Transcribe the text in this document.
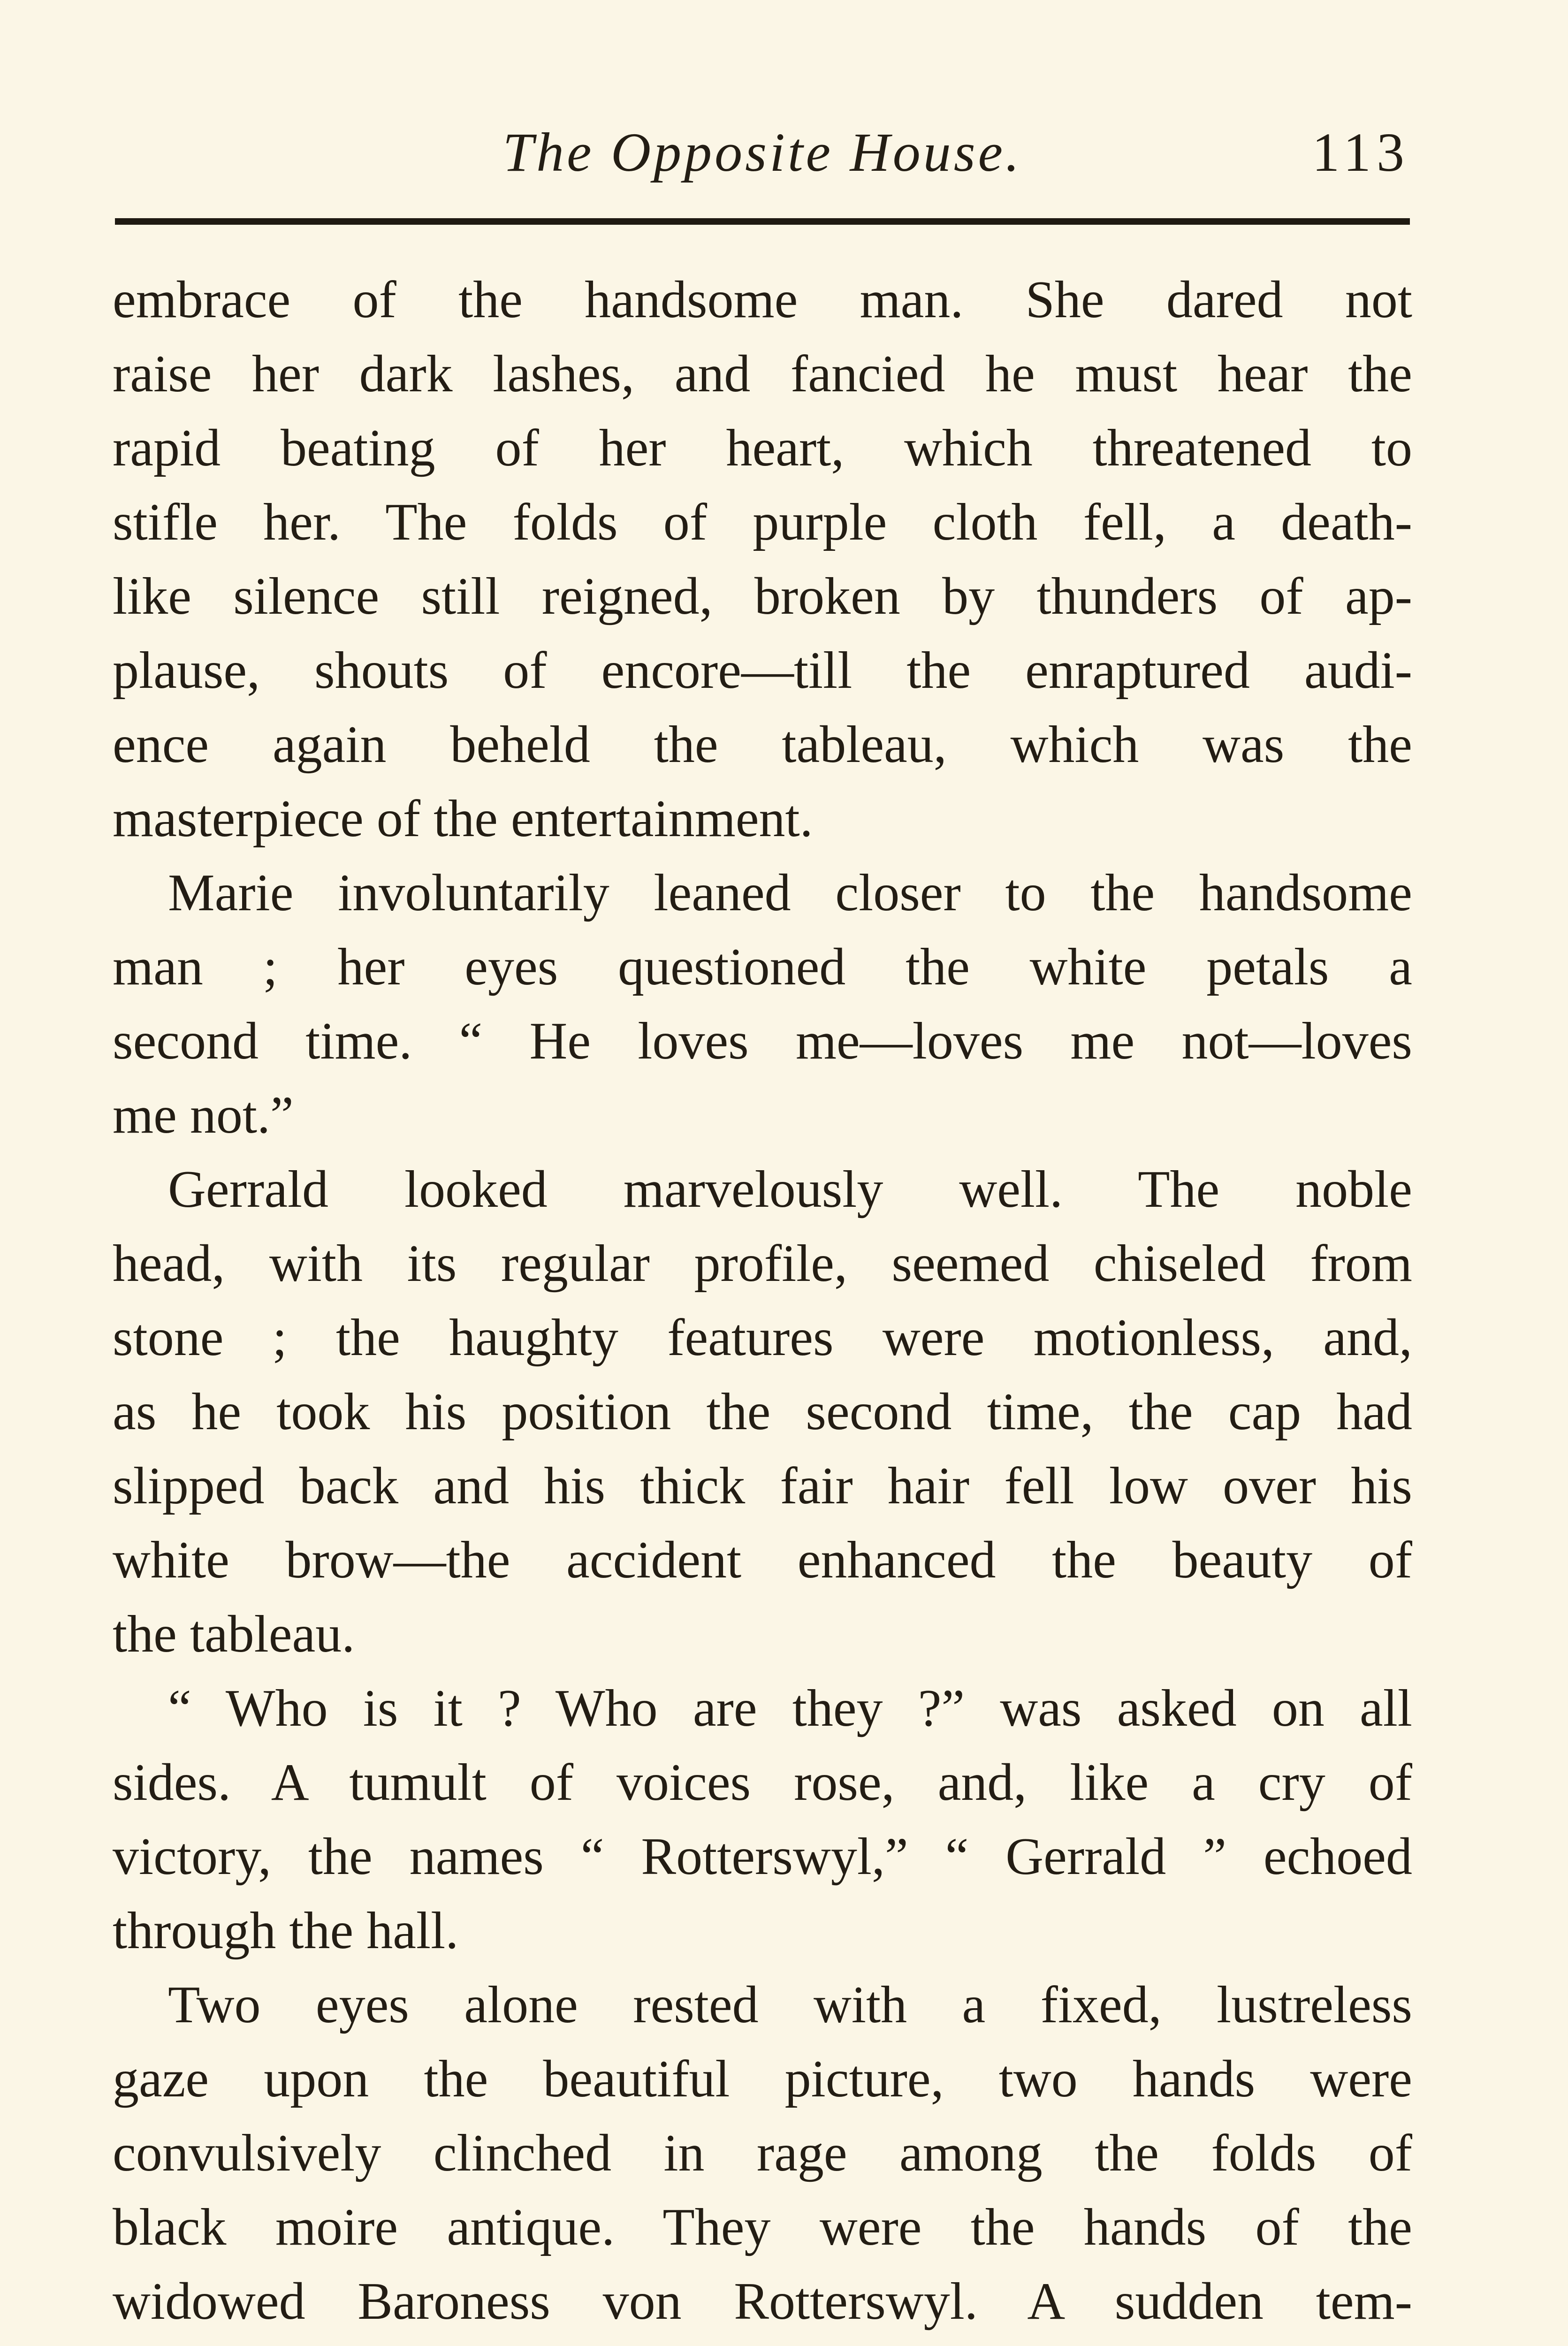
The Opposite House.	113
embrace of the handsome man. She dared not
raise her dark lashes, and fancied he must hear the
rapid beating of her heart, which threatened to
stifle her. The folds of purple cloth fell, a death-
like silence still reigned, broken by thunders of ap-
plause, shouts of encore—till the enraptured audi-
ence again beheld the tableau, which was the
masterpiece of the entertainment.
Marie involuntarily leaned closer to the handsome
man ; her eyes questioned the white petals a
second time. “ He loves me—loves me not—loves
me not.”
Gerrald looked marvelously well. The noble
head, with its regular profile, seemed chiseled from
stone ; the haughty features were motionless, and,
as he took his position the second time, the cap had
slipped back and his thick fair hair fell low over his
white brow—the accident enhanced the beauty of
the tableau.
“ Who is it ? Who are they ?” was asked on all
sides. A tumult of voices rose, and, like a cry of
victory, the names “ Rotterswyl,” “ Gerrald ” echoed
through the hall.
Two eyes alone rested with a fixed, lustreless
gaze upon the beautiful picture, two hands were
convulsively clinched in rage among the folds of
black moire antique. They were the hands of the
widowed Baroness von Rotterswyl. A sudden tem-
